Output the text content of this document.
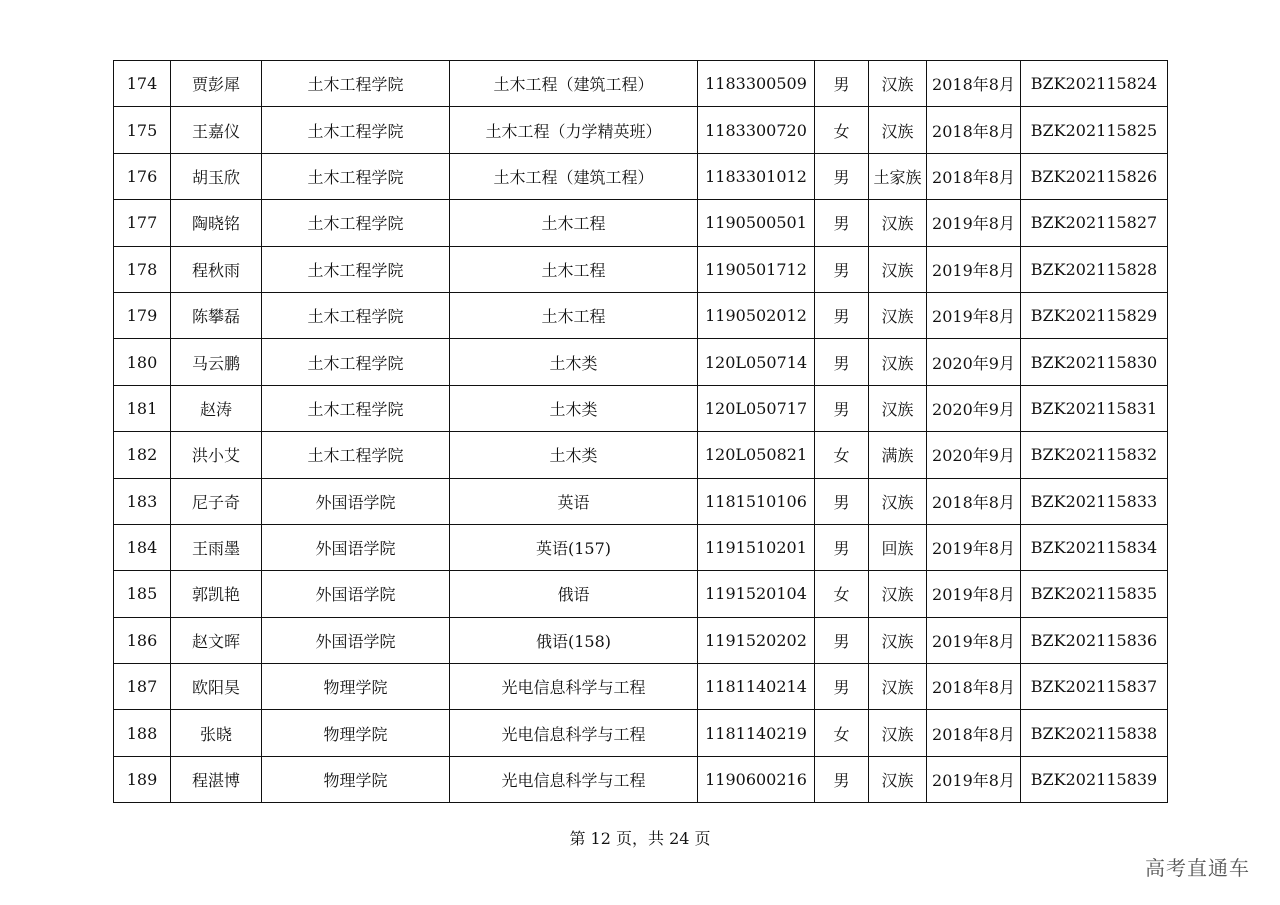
174	贾彭犀	土木工程学院	土木工程（建筑工程）	1183300509	男	汉族	2018年8月	BZK202115824
175	王嘉仪	土木工程学院	土木工程（力学精英班）	1183300720	女	汉族	2018年8月	BZK202115825
176	胡玉欣	土木工程学院	土木工程（建筑工程）	1183301012	男	土家族	2018年8月	BZK202115826
177	陶晓铭	土木工程学院	土木工程	1190500501	男	汉族	2019年8月	BZK202115827
178	程秋雨	土木工程学院	土木工程	1190501712	男	汉族	2019年8月	BZK202115828
179	陈攀磊	土木工程学院	土木工程	1190502012	男	汉族	2019年8月	BZK202115829
180	马云鹏	土木工程学院	土木类	120L050714	男	汉族	2020年9月	BZK202115830
181	赵涛	土木工程学院	土木类	120L050717	男	汉族	2020年9月	BZK202115831
182	洪小艾	土木工程学院	土木类	120L050821	女	满族	2020年9月	BZK202115832
183	尼子奇	外国语学院	英语	1181510106	男	汉族	2018年8月	BZK202115833
184	王雨墨	外国语学院	英语(157)	1191510201	男	回族	2019年8月	BZK202115834
185	郭凯艳	外国语学院	俄语	1191520104	女	汉族	2019年8月	BZK202115835
186	赵文晖	外国语学院	俄语(158)	1191520202	男	汉族	2019年8月	BZK202115836
187	欧阳昊	物理学院	光电信息科学与工程	1181140214	男	汉族	2018年8月	BZK202115837
188	张晓	物理学院	光电信息科学与工程	1181140219	女	汉族	2018年8月	BZK202115838
189	程湛博	物理学院	光电信息科学与工程	1190600216	男	汉族	2019年8月	BZK202115839
第 12 页，共 24 页
高考直通车
